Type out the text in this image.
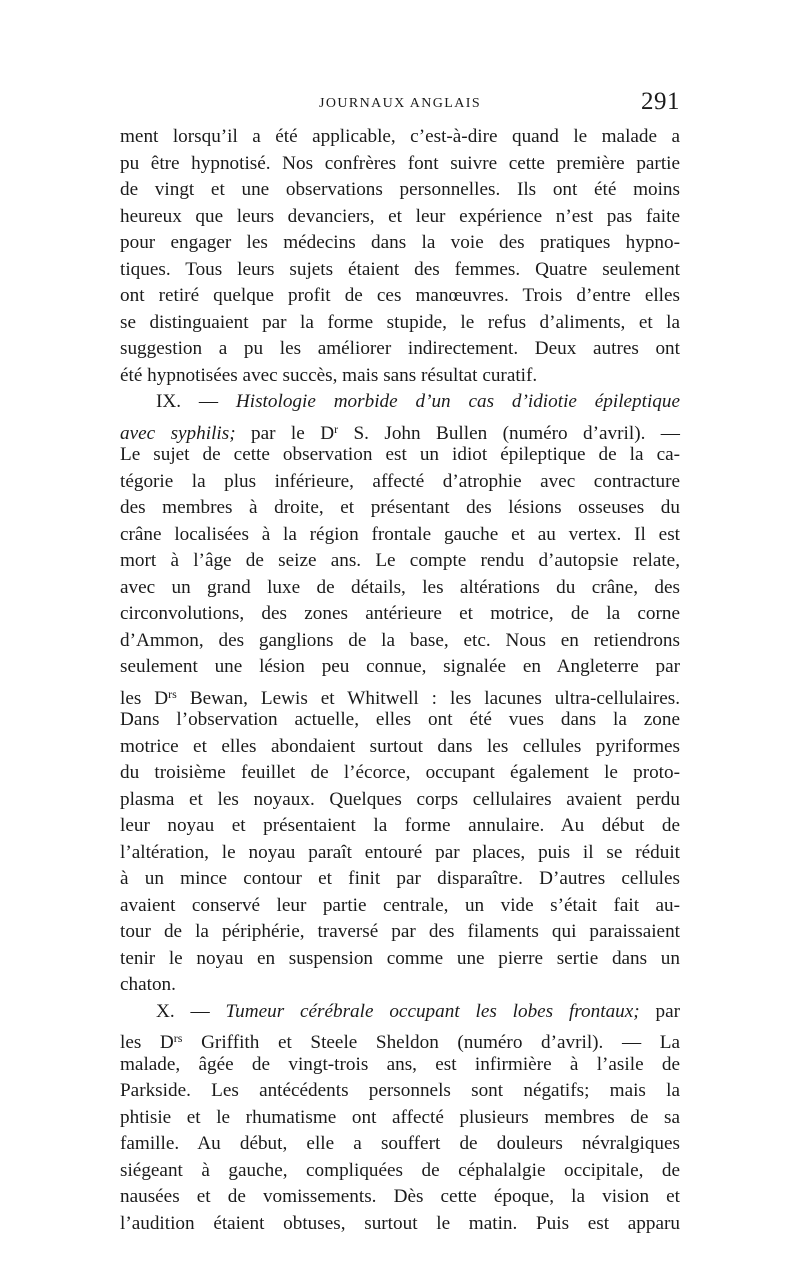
JOURNAUX ANGLAIS	291
ment lorsqu’il a été applicable, c’est-à-dire quand le malade a
pu être hypnotisé. Nos confrères font suivre cette première partie
de vingt et une observations personnelles. Ils ont été moins
heureux que leurs devanciers, et leur expérience n’est pas faite
pour engager les médecins dans la voie des pratiques hypno-
tiques. Tous leurs sujets étaient des femmes. Quatre seulement
ont retiré quelque profit de ces manœuvres. Trois d’entre elles
se distinguaient par la forme stupide, le refus d’aliments, et la
suggestion a pu les améliorer indirectement. Deux autres ont
été hypnotisées avec succès, mais sans résultat curatif.
IX. — Histologie morbide d’un cas d’idiotie épileptique
avec syphilis; par le $D^r$ S. John Bullen (numéro d’avril). —
Le sujet de cette observation est un idiot épileptique de la ca-
tégorie la plus inférieure, affecté d’atrophie avec contracture
des membres à droite, et présentant des lésions osseuses du
crâne localisées à la région frontale gauche et au vertex. Il est
mort à l’âge de seize ans. Le compte rendu d’autopsie relate,
avec un grand luxe de détails, les altérations du crâne, des
circonvolutions, des zones antérieure et motrice, de la corne
d’Ammon, des ganglions de la base, etc. Nous en retiendrons
seulement une lésion peu connue, signalée en Angleterre par
les $D^{rs}$ Bewan, Lewis et Whitwell : les lacunes ultra-cellulaires.
Dans l’observation actuelle, elles ont été vues dans la zone
motrice et elles abondaient surtout dans les cellules pyriformes
du troisième feuillet de l’écorce, occupant également le proto-
plasma et les noyaux. Quelques corps cellulaires avaient perdu
leur noyau et présentaient la forme annulaire. Au début de
l’altération, le noyau paraît entouré par places, puis il se réduit
à un mince contour et finit par disparaître. D’autres cellules
avaient conservé leur partie centrale, un vide s’était fait au-
tour de la périphérie, traversé par des filaments qui paraissaient
tenir le noyau en suspension comme une pierre sertie dans un
chaton.
X. — Tumeur cérébrale occupant les lobes frontaux; par
les $D^{rs}$ Griffith et Steele Sheldon (numéro d’avril). — La
malade, âgée de vingt-trois ans, est infirmière à l’asile de
Parkside. Les antécédents personnels sont négatifs; mais la
phtisie et le rhumatisme ont affecté plusieurs membres de sa
famille. Au début, elle a souffert de douleurs névralgiques
siégeant à gauche, compliquées de céphalalgie occipitale, de
nausées et de vomissements. Dès cette époque, la vision et
l’audition étaient obtuses, surtout le matin. Puis est apparu
